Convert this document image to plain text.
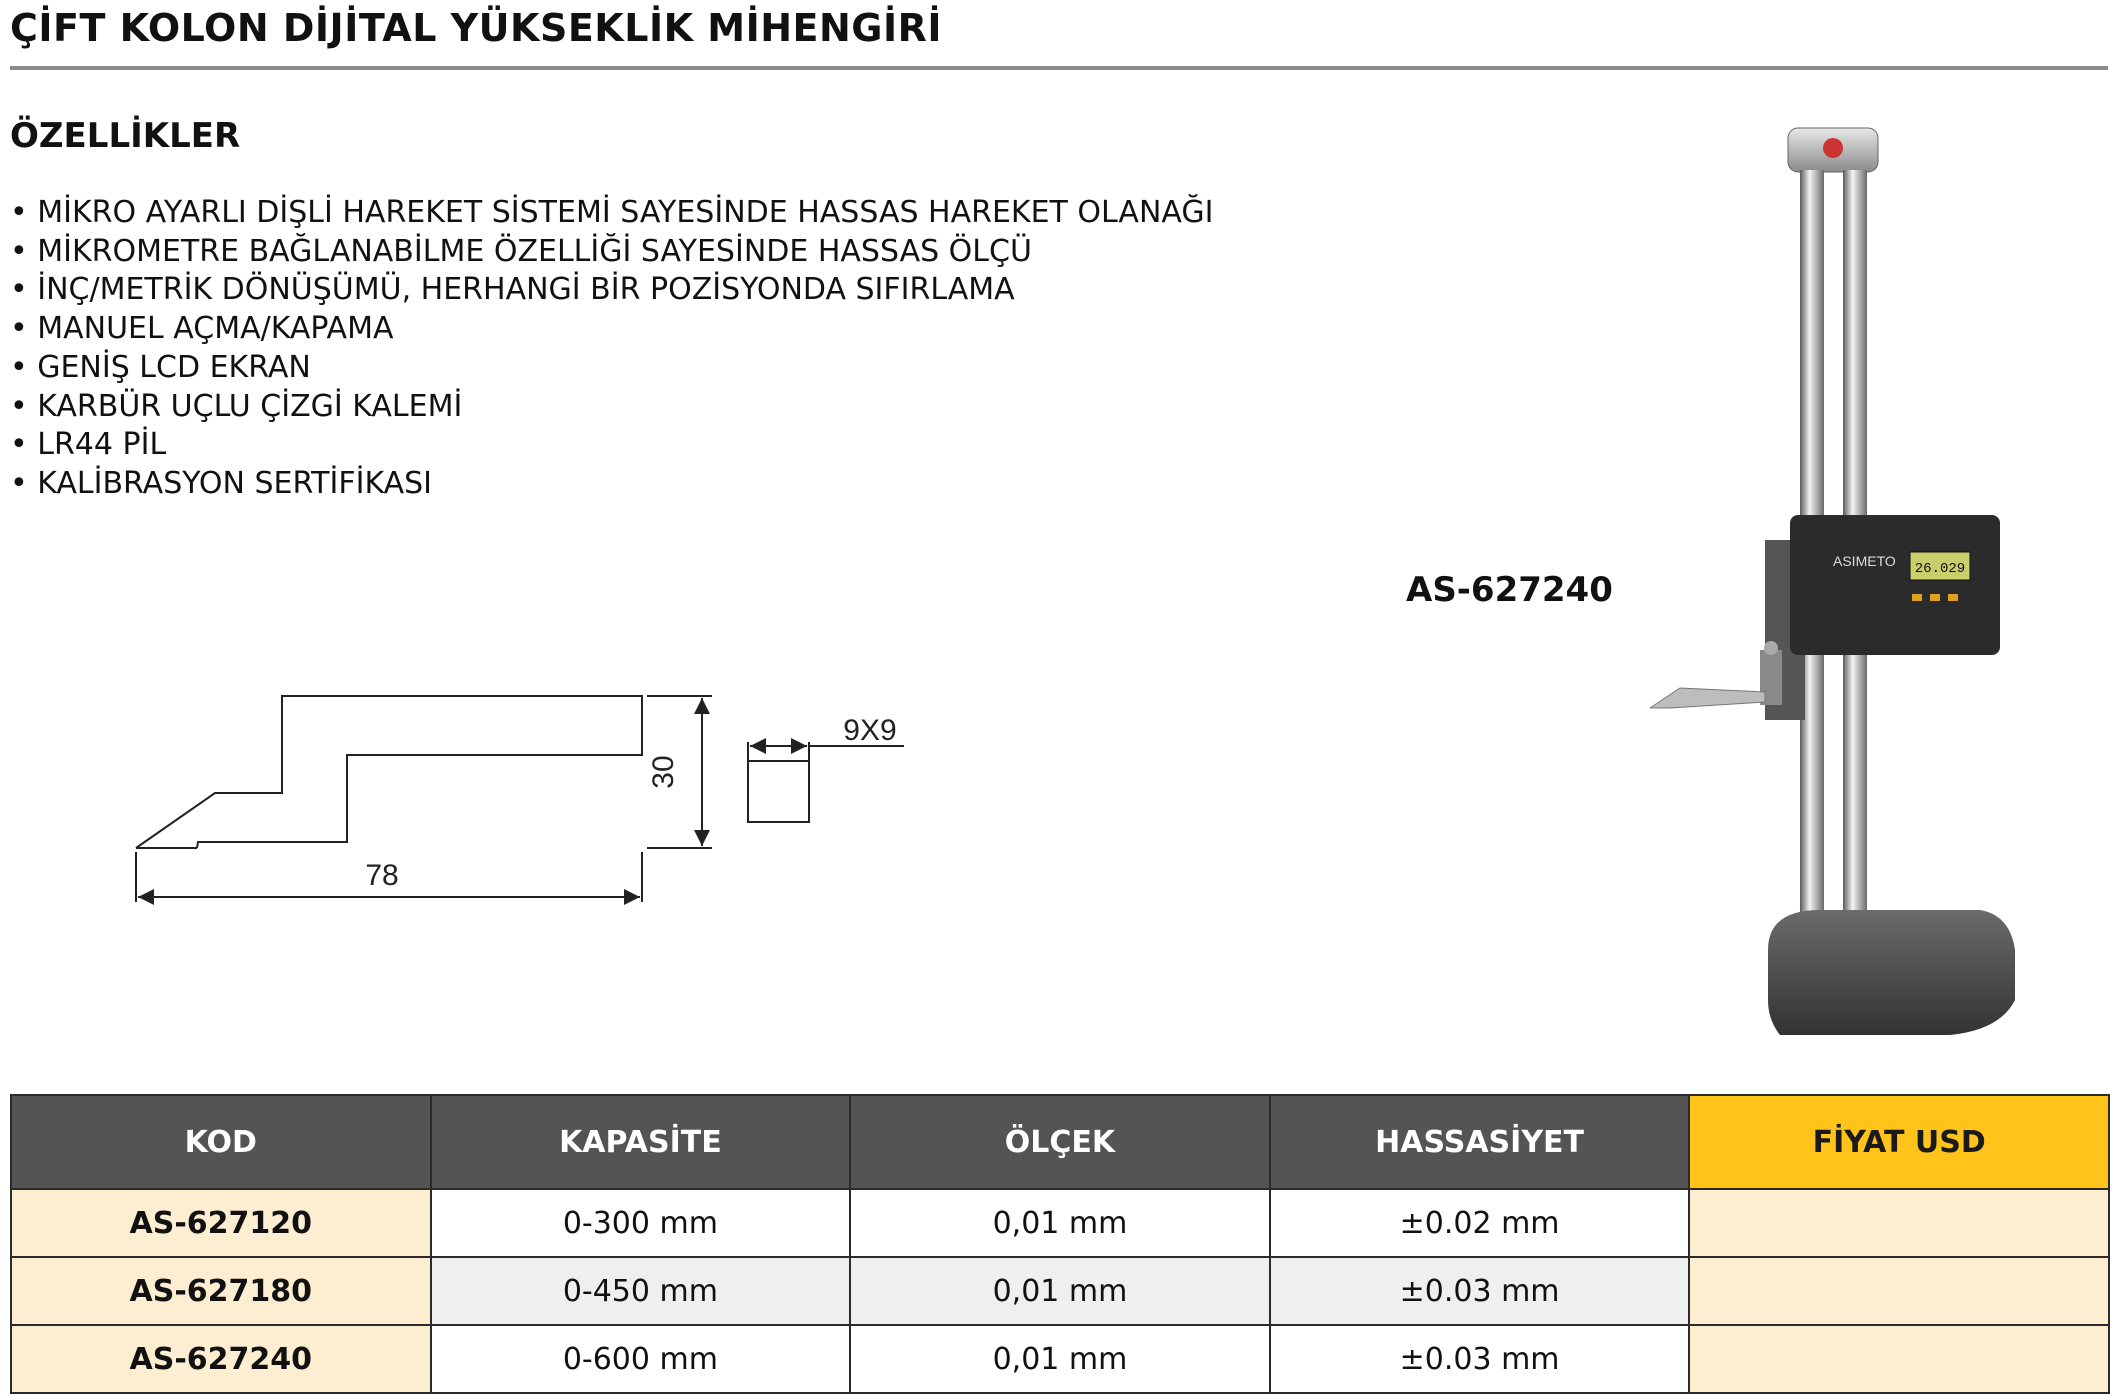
ÇİFT KOLON DİJİTAL YÜKSEKLİK MİHENGİRİ
ÖZELLİKLER
• MİKRO AYARLI DİŞLİ HAREKET SİSTEMİ SAYESİNDE HASSAS HAREKET OLANAĞI
• MİKROMETRE BAĞLANABİLME ÖZELLİĞİ SAYESİNDE HASSAS ÖLÇÜ
• İNÇ/METRİK DÖNÜŞÜMÜ, HERHANGİ BİR POZİSYONDA SIFIRLAMA
• MANUEL AÇMA/KAPAMA
• GENİŞ LCD EKRAN
• KARBÜR UÇLU ÇİZGİ KALEMİ
• LR44 PİL
• KALİBRASYON SERTİFİKASI
AS-627240
78
30
9X9
ASIMETO 26.029
KOD	KAPASİTE	ÖLÇEK	HASSASİYET	FİYAT USD
AS-627120	0-300 mm	0,01 mm	±0.02 mm	
AS-627180	0-450 mm	0,01 mm	±0.03 mm	
AS-627240	0-600 mm	0,01 mm	±0.03 mm	
